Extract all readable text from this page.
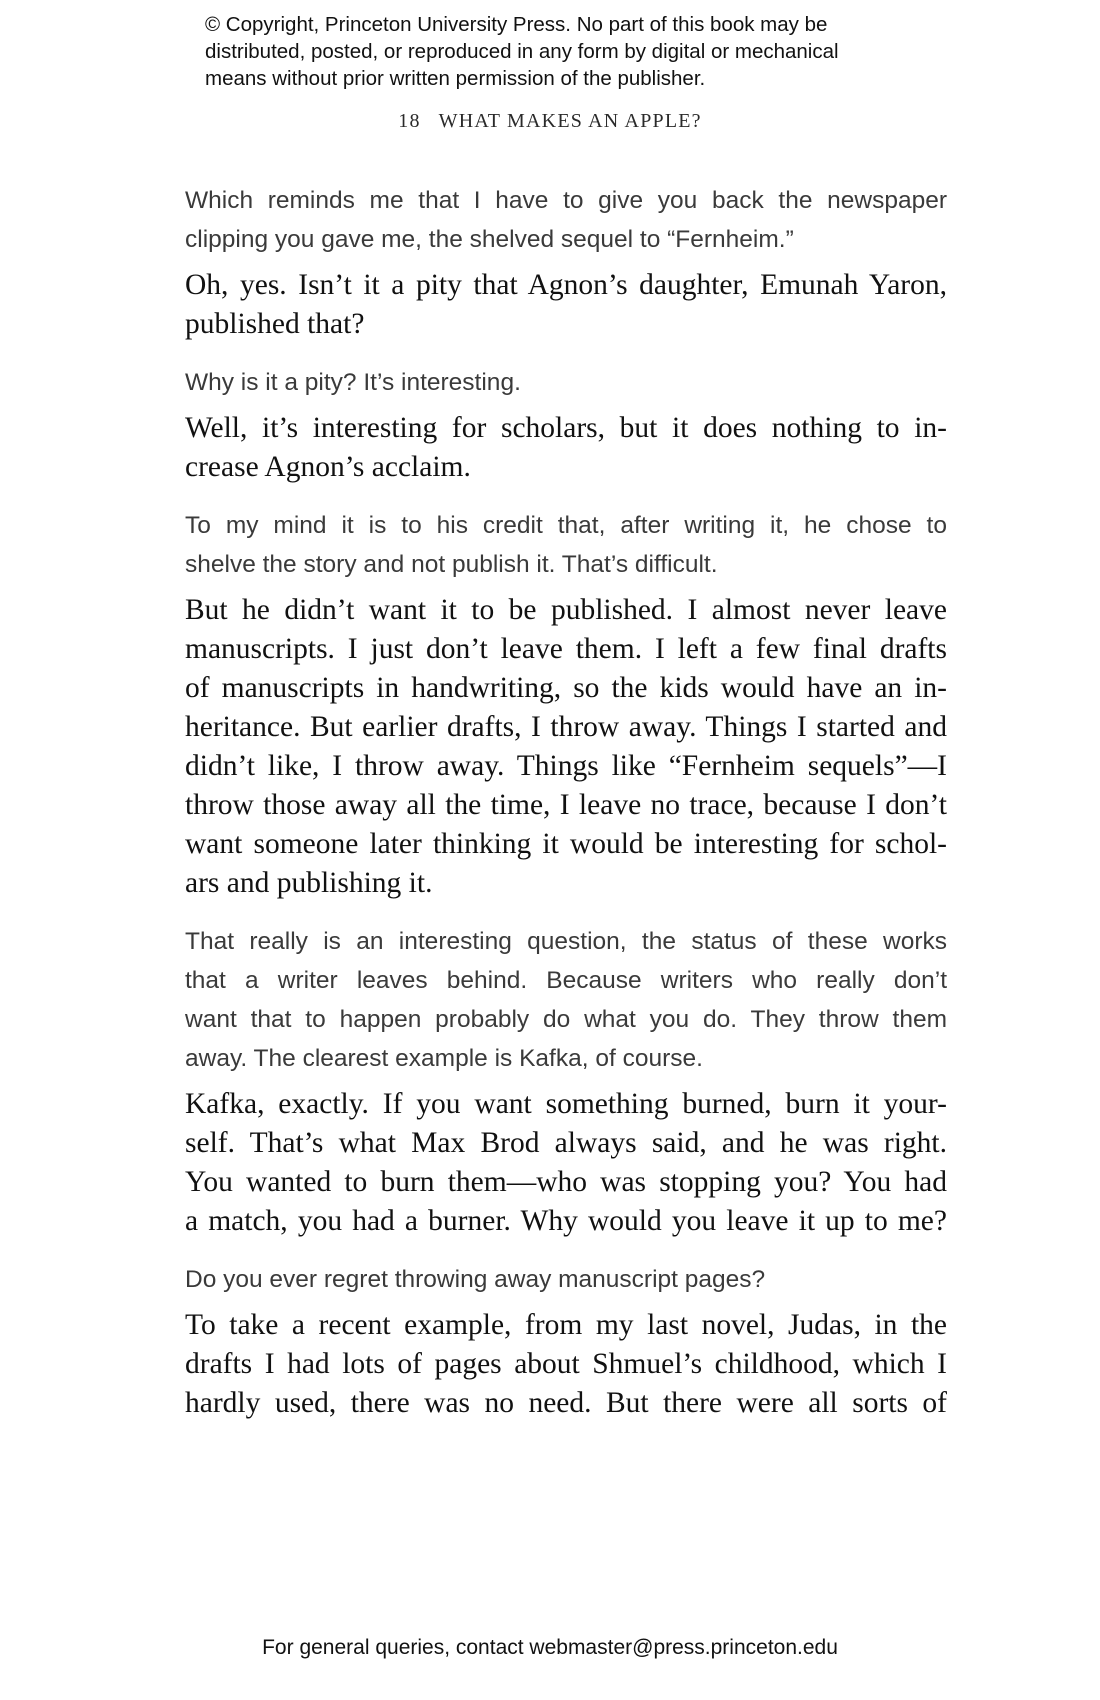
© Copyright, Princeton University Press. No part of this book may be
distributed, posted, or reproduced in any form by digital or mechanical
means without prior written permission of the publisher.
18 WHAT MAKES AN APPLE?

Which reminds me that I have to give you back the newspaper
clipping you gave me, the shelved sequel to “Fernheim.”

Oh, yes. Isn’t it a pity that Agnon’s daughter, Emunah Yaron,
published that?

Why is it a pity? It’s interesting.

Well, it’s interesting for scholars, but it does nothing to in-
crease Agnon’s acclaim.

To my mind it is to his credit that, after writing it, he chose to
shelve the story and not publish it. That’s difficult.

But he didn’t want it to be published. I almost never leave
manuscripts. I just don’t leave them. I left a few final drafts
of manuscripts in handwriting, so the kids would have an in-
heritance. But earlier drafts, I throw away. Things I started and
didn’t like, I throw away. Things like “Fernheim sequels”—I
throw those away all the time, I leave no trace, because I don’t
want someone later thinking it would be interesting for schol-
ars and publishing it.

That really is an interesting question, the status of these works
that a writer leaves behind. Because writers who really don’t
want that to happen probably do what you do. They throw them
away. The clearest example is Kafka, of course.

Kafka, exactly. If you want something burned, burn it your-
self. That’s what Max Brod always said, and he was right.
You wanted to burn them—who was stopping you? You had
a match, you had a burner. Why would you leave it up to me?

Do you ever regret throwing away manuscript pages?

To take a recent example, from my last novel, Judas, in the
drafts I had lots of pages about Shmuel’s childhood, which I
hardly used, there was no need. But there were all sorts of

For general queries, contact webmaster@press.princeton.edu
